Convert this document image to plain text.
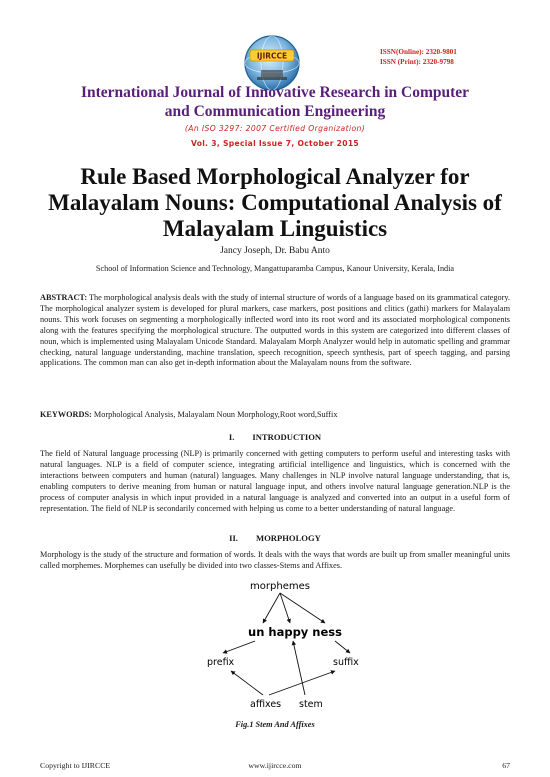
IJIRCCE	ISSN(Online): 2320-9801
ISSN (Print): 2320-9798
International Journal of Innovative Research in Computer
and Communication Engineering
(An ISO 3297: 2007 Certified Organization)
Vol. 3, Special Issue 7, October 2015
Rule Based Morphological Analyzer for
Malayalam Nouns: Computational Analysis of
Malayalam Linguistics
Jancy Joseph, Dr. Babu Anto
School of Information Science and Technology, Mangattuparamba Campus, Kanour University, Kerala, India

ABSTRACT: The morphological analysis deals with the study of internal structure of words of a language based on its grammatical category. The morphological analyzer system is developed for plural markers, case markers, post positions and clitics (gathi) markers for Malayalam nouns. This work focuses on segmenting a morphologically inflected word into its root word and its associated morphological components along with the features specifying the morphological structure. The outputted words in this system are categorized into different classes of noun, which is implemented using Malayalam Unicode Standard. Malayalam Morph Analyzer would help in automatic spelling and grammar checking, natural language understanding, machine translation, speech recognition, speech synthesis, part of speech tagging, and parsing applications. The common man can also get in-depth information about the Malayalam nouns from the software.

KEYWORDS: Morphological Analysis, Malayalam Noun Morphology,Root word,Suffix

I. INTRODUCTION

The field of Natural language processing (NLP) is primarily concerned with getting computers to perform useful and interesting tasks with natural languages. NLP is a field of computer science, integrating artificial intelligence and linguistics, which is concerned with the interactions between computers and human (natural) languages. Many challenges in NLP involve natural language understanding, that is, enabling computers to derive meaning from human or natural language input, and others involve natural language generation.NLP is the process of computer analysis in which input provided in a natural language is analyzed and converted into an output in a useful form of representation. The field of NLP is secondarily concerned with helping us come to a better understanding of natural language.

II. MORPHOLOGY

Morphology is the study of the structure and formation of words. It deals with the ways that words are built up from smaller meaningful units called morphemes. Morphemes can usefully be divided into two classes-Stems and Affixes.

morphemes
un happy ness
prefix	suffix
affixes stem
Fig.1 Stem And Affixes
Copyright to IJIRCCE	www.ijircce.com	67
